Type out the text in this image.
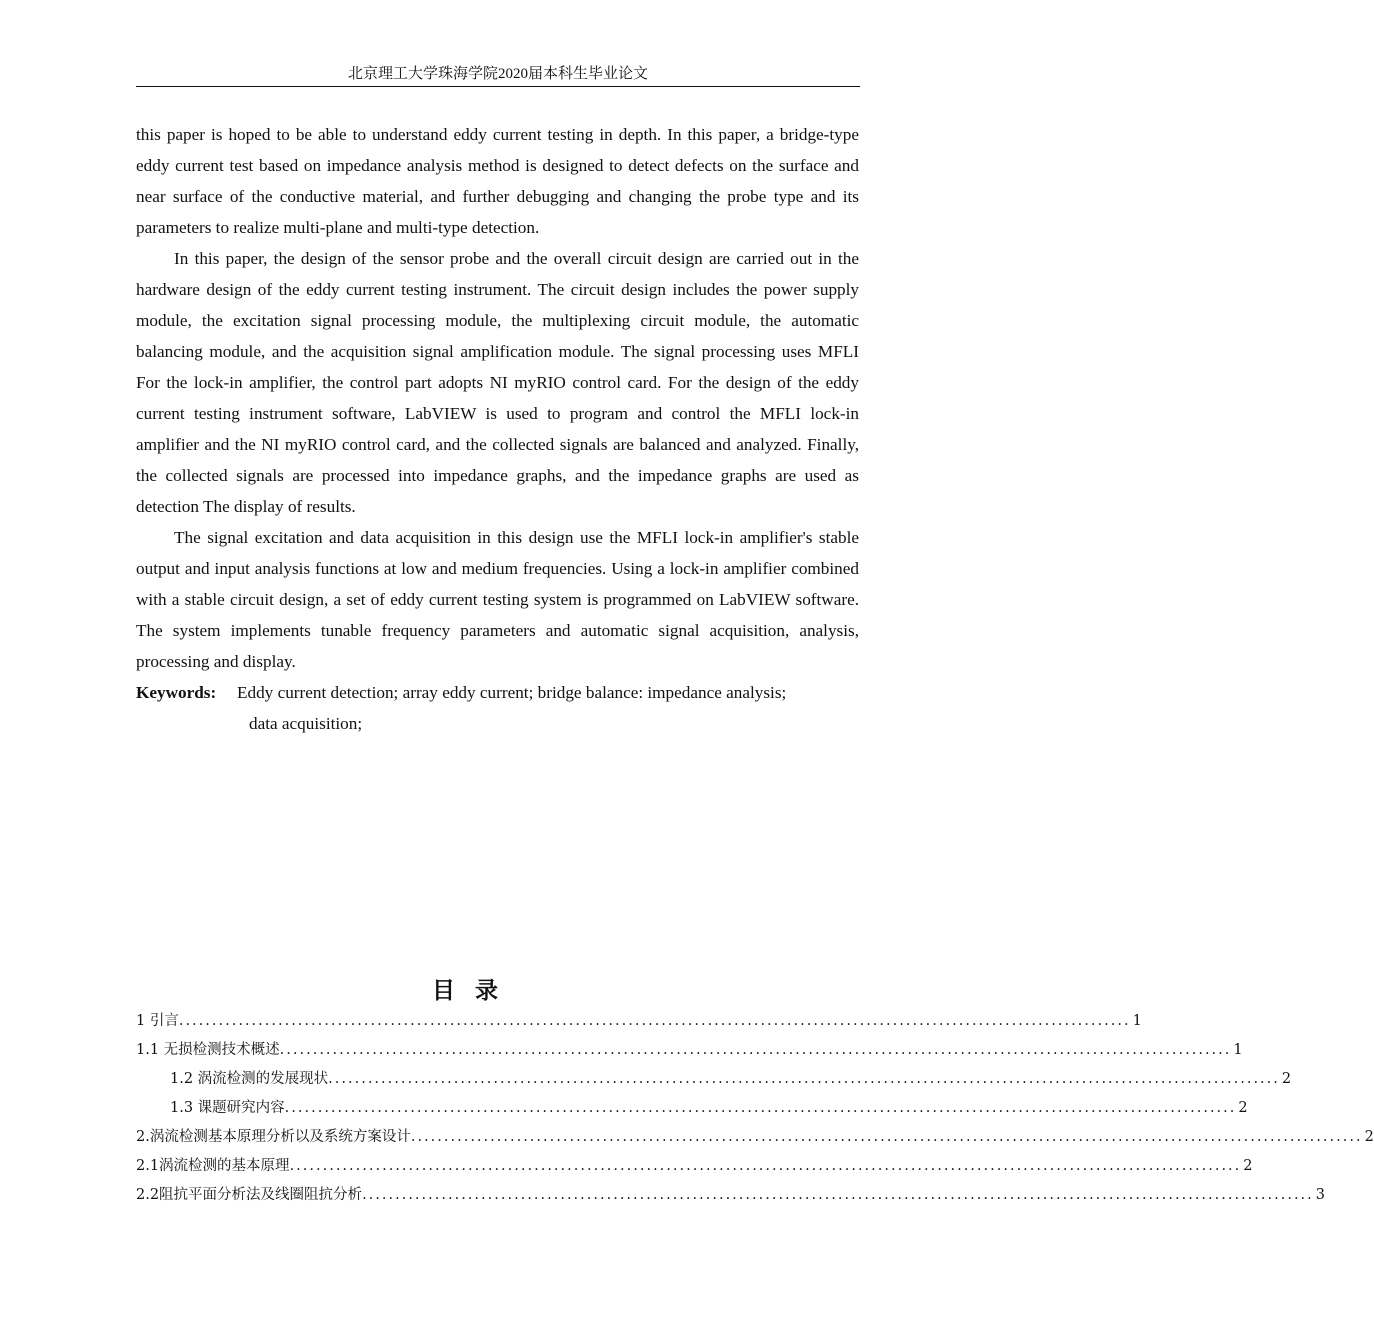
北京理工大学珠海学院2020届本科生毕业论文

this paper is hoped to be able to understand eddy current testing in depth. In this paper, a bridge-type eddy current test based on impedance analysis method is designed to detect defects on the surface and near surface of the conductive material, and further debugging and changing the probe type and its parameters to realize multi-plane and multi-type detection.

In this paper, the design of the sensor probe and the overall circuit design are carried out in the hardware design of the eddy current testing instrument. The circuit design includes the power supply module, the excitation signal processing module, the multiplexing circuit module, the automatic balancing module, and the acquisition signal amplification module. The signal processing uses MFLI For the lock-in amplifier, the control part adopts NI myRIO control card. For the design of the eddy current testing instrument software, LabVIEW is used to program and control the MFLI lock-in amplifier and the NI myRIO control card, and the collected signals are balanced and analyzed. Finally, the collected signals are processed into impedance graphs, and the impedance graphs are used as detection The display of results.

The signal excitation and data acquisition in this design use the MFLI lock-in amplifier's stable output and input analysis functions at low and medium frequencies. Using a lock-in amplifier combined with a stable circuit design, a set of eddy current testing system is programmed on LabVIEW software. The system implements tunable frequency parameters and automatic signal acquisition, analysis, processing and display.

Keywords: Eddy current detection; array eddy current; bridge balance: impedance analysis;
data acquisition;
目录
1 引言 ................................................................................................................................................ 1
1.1 无损检测技术概述 ................................................................................................................................................ 1
1.2 涡流检测的发展现状 ................................................................................................................................................ 2
1.3 课题研究内容 ................................................................................................................................................ 2
2.涡流检测基本原理分析以及系统方案设计 ................................................................................................................................................ 2
2.1涡流检测的基本原理 ................................................................................................................................................ 2
2.2阻抗平面分析法及线圈阻抗分析 ................................................................................................................................................ 3
